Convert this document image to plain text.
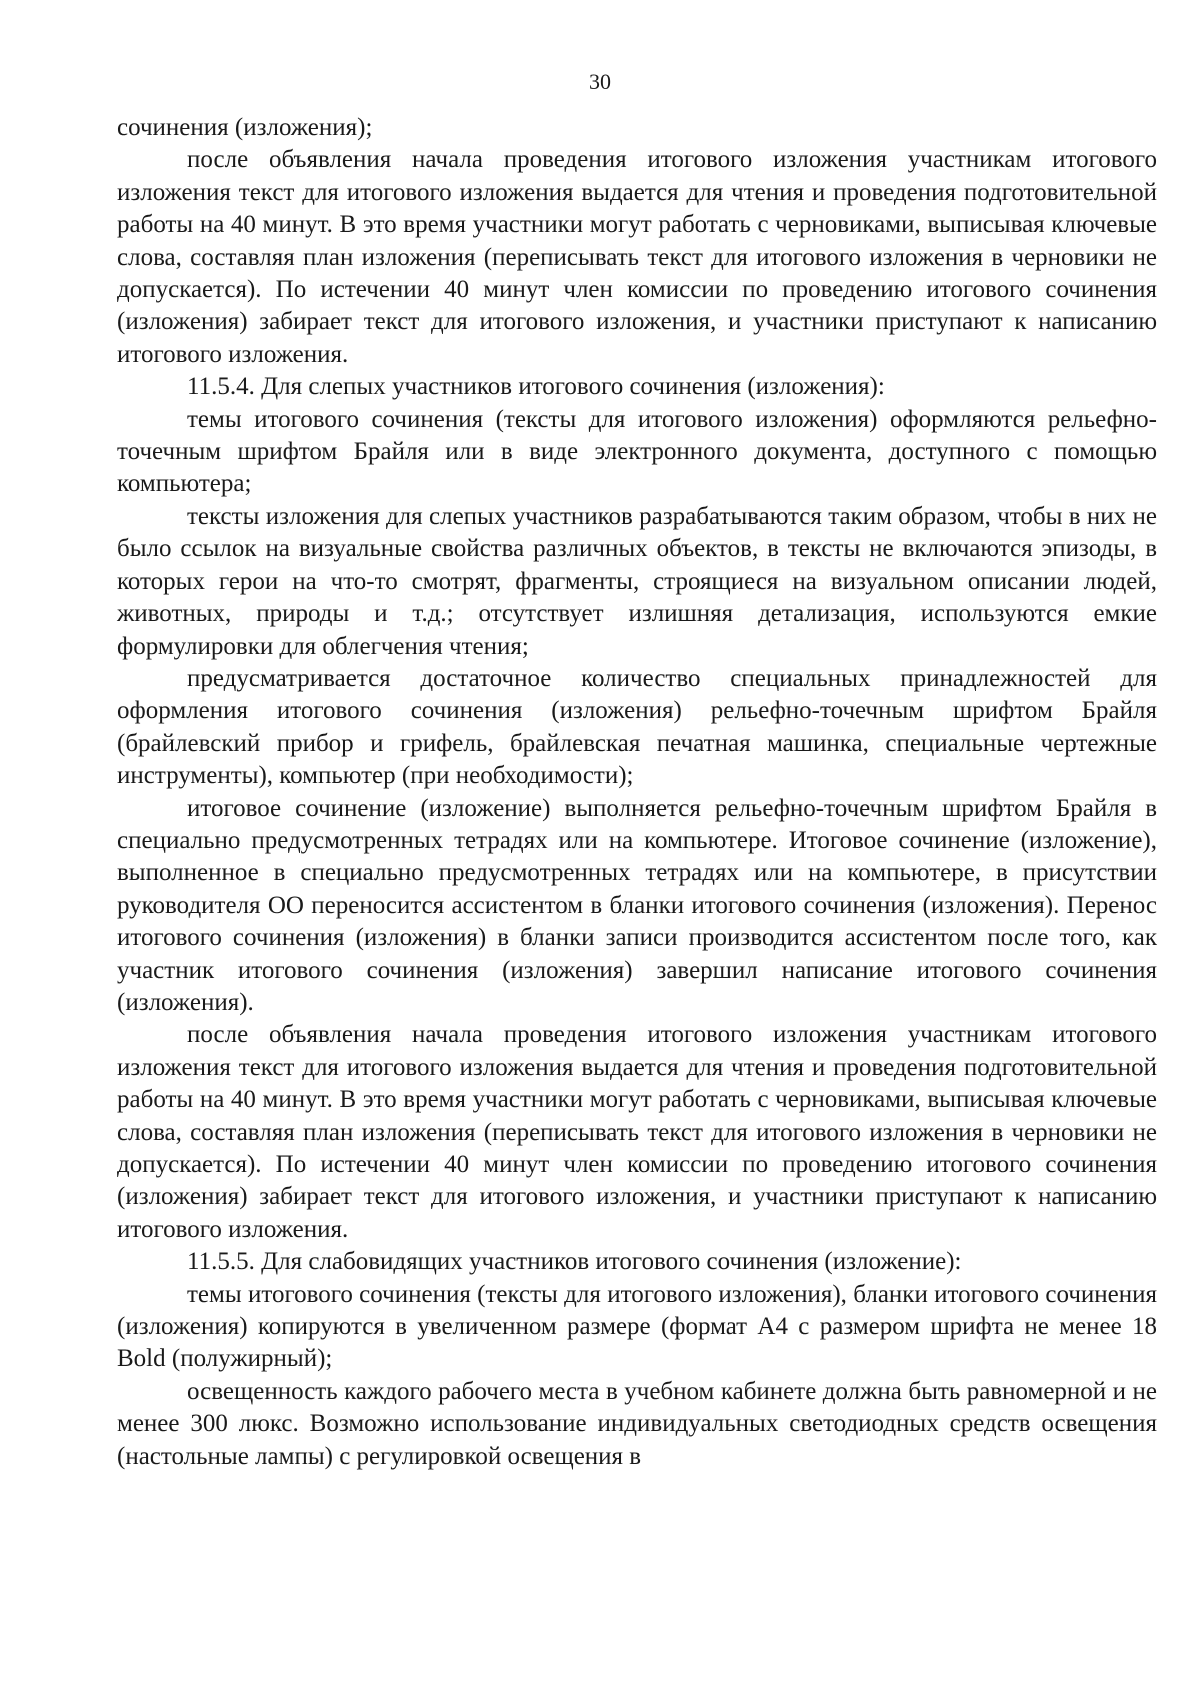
30

сочинения (изложения);

после объявления начала проведения итогового изложения участникам итогового изложения текст для итогового изложения выдается для чтения и проведения подготовительной работы на 40 минут. В это время участники могут работать с черновиками, выписывая ключевые слова, составляя план изложения (переписывать текст для итогового изложения в черновики не допускается). По истечении 40 минут член комиссии по проведению итогового сочинения (изложения) забирает текст для итогового изложения, и участники приступают к написанию итогового изложения.

11.5.4. Для слепых участников итогового сочинения (изложения):

темы итогового сочинения (тексты для итогового изложения) оформляются рельефно-точечным шрифтом Брайля или в виде электронного документа, доступного с помощью компьютера;

тексты изложения для слепых участников разрабатываются таким образом, чтобы в них не было ссылок на визуальные свойства различных объектов, в тексты не включаются эпизоды, в которых герои на что-то смотрят, фрагменты, строящиеся на визуальном описании людей, животных, природы и т.д.; отсутствует излишняя детализация, используются емкие формулировки для облегчения чтения;

предусматривается достаточное количество специальных принадлежностей для оформления итогового сочинения (изложения) рельефно-точечным шрифтом Брайля (брайлевский прибор и грифель, брайлевская печатная машинка, специальные чертежные инструменты), компьютер (при необходимости);

итоговое сочинение (изложение) выполняется рельефно-точечным шрифтом Брайля в специально предусмотренных тетрадях или на компьютере. Итоговое сочинение (изложение), выполненное в специально предусмотренных тетрадях или на компьютере, в присутствии руководителя ОО переносится ассистентом в бланки итогового сочинения (изложения). Перенос итогового сочинения (изложения) в бланки записи производится ассистентом после того, как участник итогового сочинения (изложения) завершил написание итогового сочинения (изложения).

после объявления начала проведения итогового изложения участникам итогового изложения текст для итогового изложения выдается для чтения и проведения подготовительной работы на 40 минут. В это время участники могут работать с черновиками, выписывая ключевые слова, составляя план изложения (переписывать текст для итогового изложения в черновики не допускается). По истечении 40 минут член комиссии по проведению итогового сочинения (изложения) забирает текст для итогового изложения, и участники приступают к написанию итогового изложения.

11.5.5. Для слабовидящих участников итогового сочинения (изложение):

темы итогового сочинения (тексты для итогового изложения), бланки итогового сочинения (изложения) копируются в увеличенном размере (формат А4 с размером шрифта не менее 18 Bold (полужирный);

освещенность каждого рабочего места в учебном кабинете должна быть равномерной и не менее 300 люкс. Возможно использование индивидуальных светодиодных средств освещения (настольные лампы) с регулировкой освещения в
